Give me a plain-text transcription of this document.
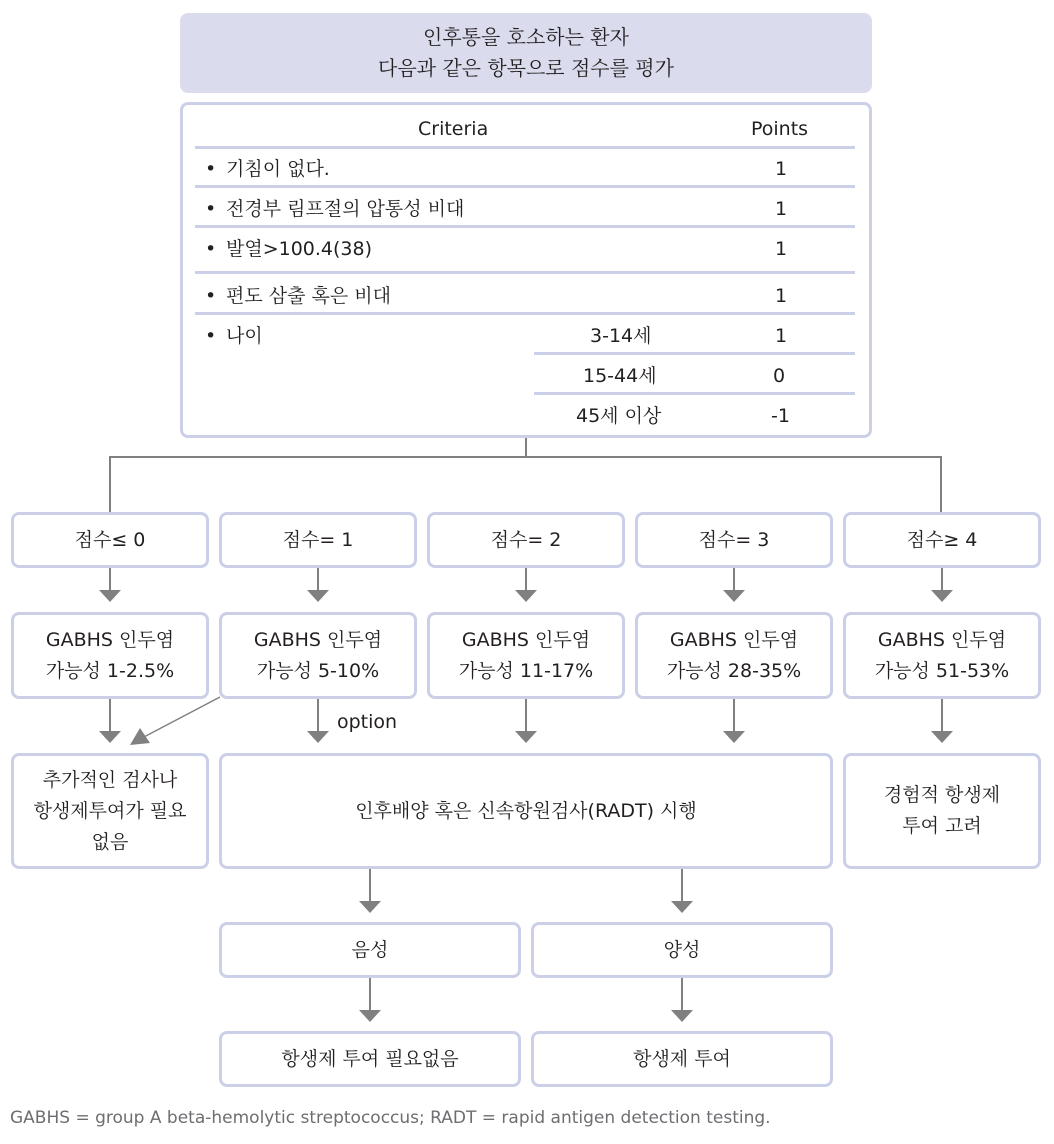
인후통을 호소하는 환자
다음과 같은 항목으로 점수를 평가
Criteria	Points
• 기침이 없다.	1
• 전경부 림프절의 압통성 비대	1
• 발열>100.4(38)	1
• 편도 삼출 혹은 비대	1
• 나이	3-14세	1
15-44세	0
45세 이상	-1
점수≤ 0	점수= 1	점수= 2	점수= 3	점수≥ 4
GABHS 인두염
가능성 1-2.5%
GABHS 인두염
가능성 5-10%
GABHS 인두염
가능성 11-17%
GABHS 인두염
가능성 28-35%
GABHS 인두염
가능성 51-53%
option
추가적인 검사나
항생제투여가 필요
없음
인후배양 혹은 신속항원검사(RADT) 시행
경험적 항생제
투여 고려
음성	양성
항생제 투여 필요없음	항생제 투여
GABHS = group A beta-hemolytic streptococcus; RADT = rapid antigen detection testing.
